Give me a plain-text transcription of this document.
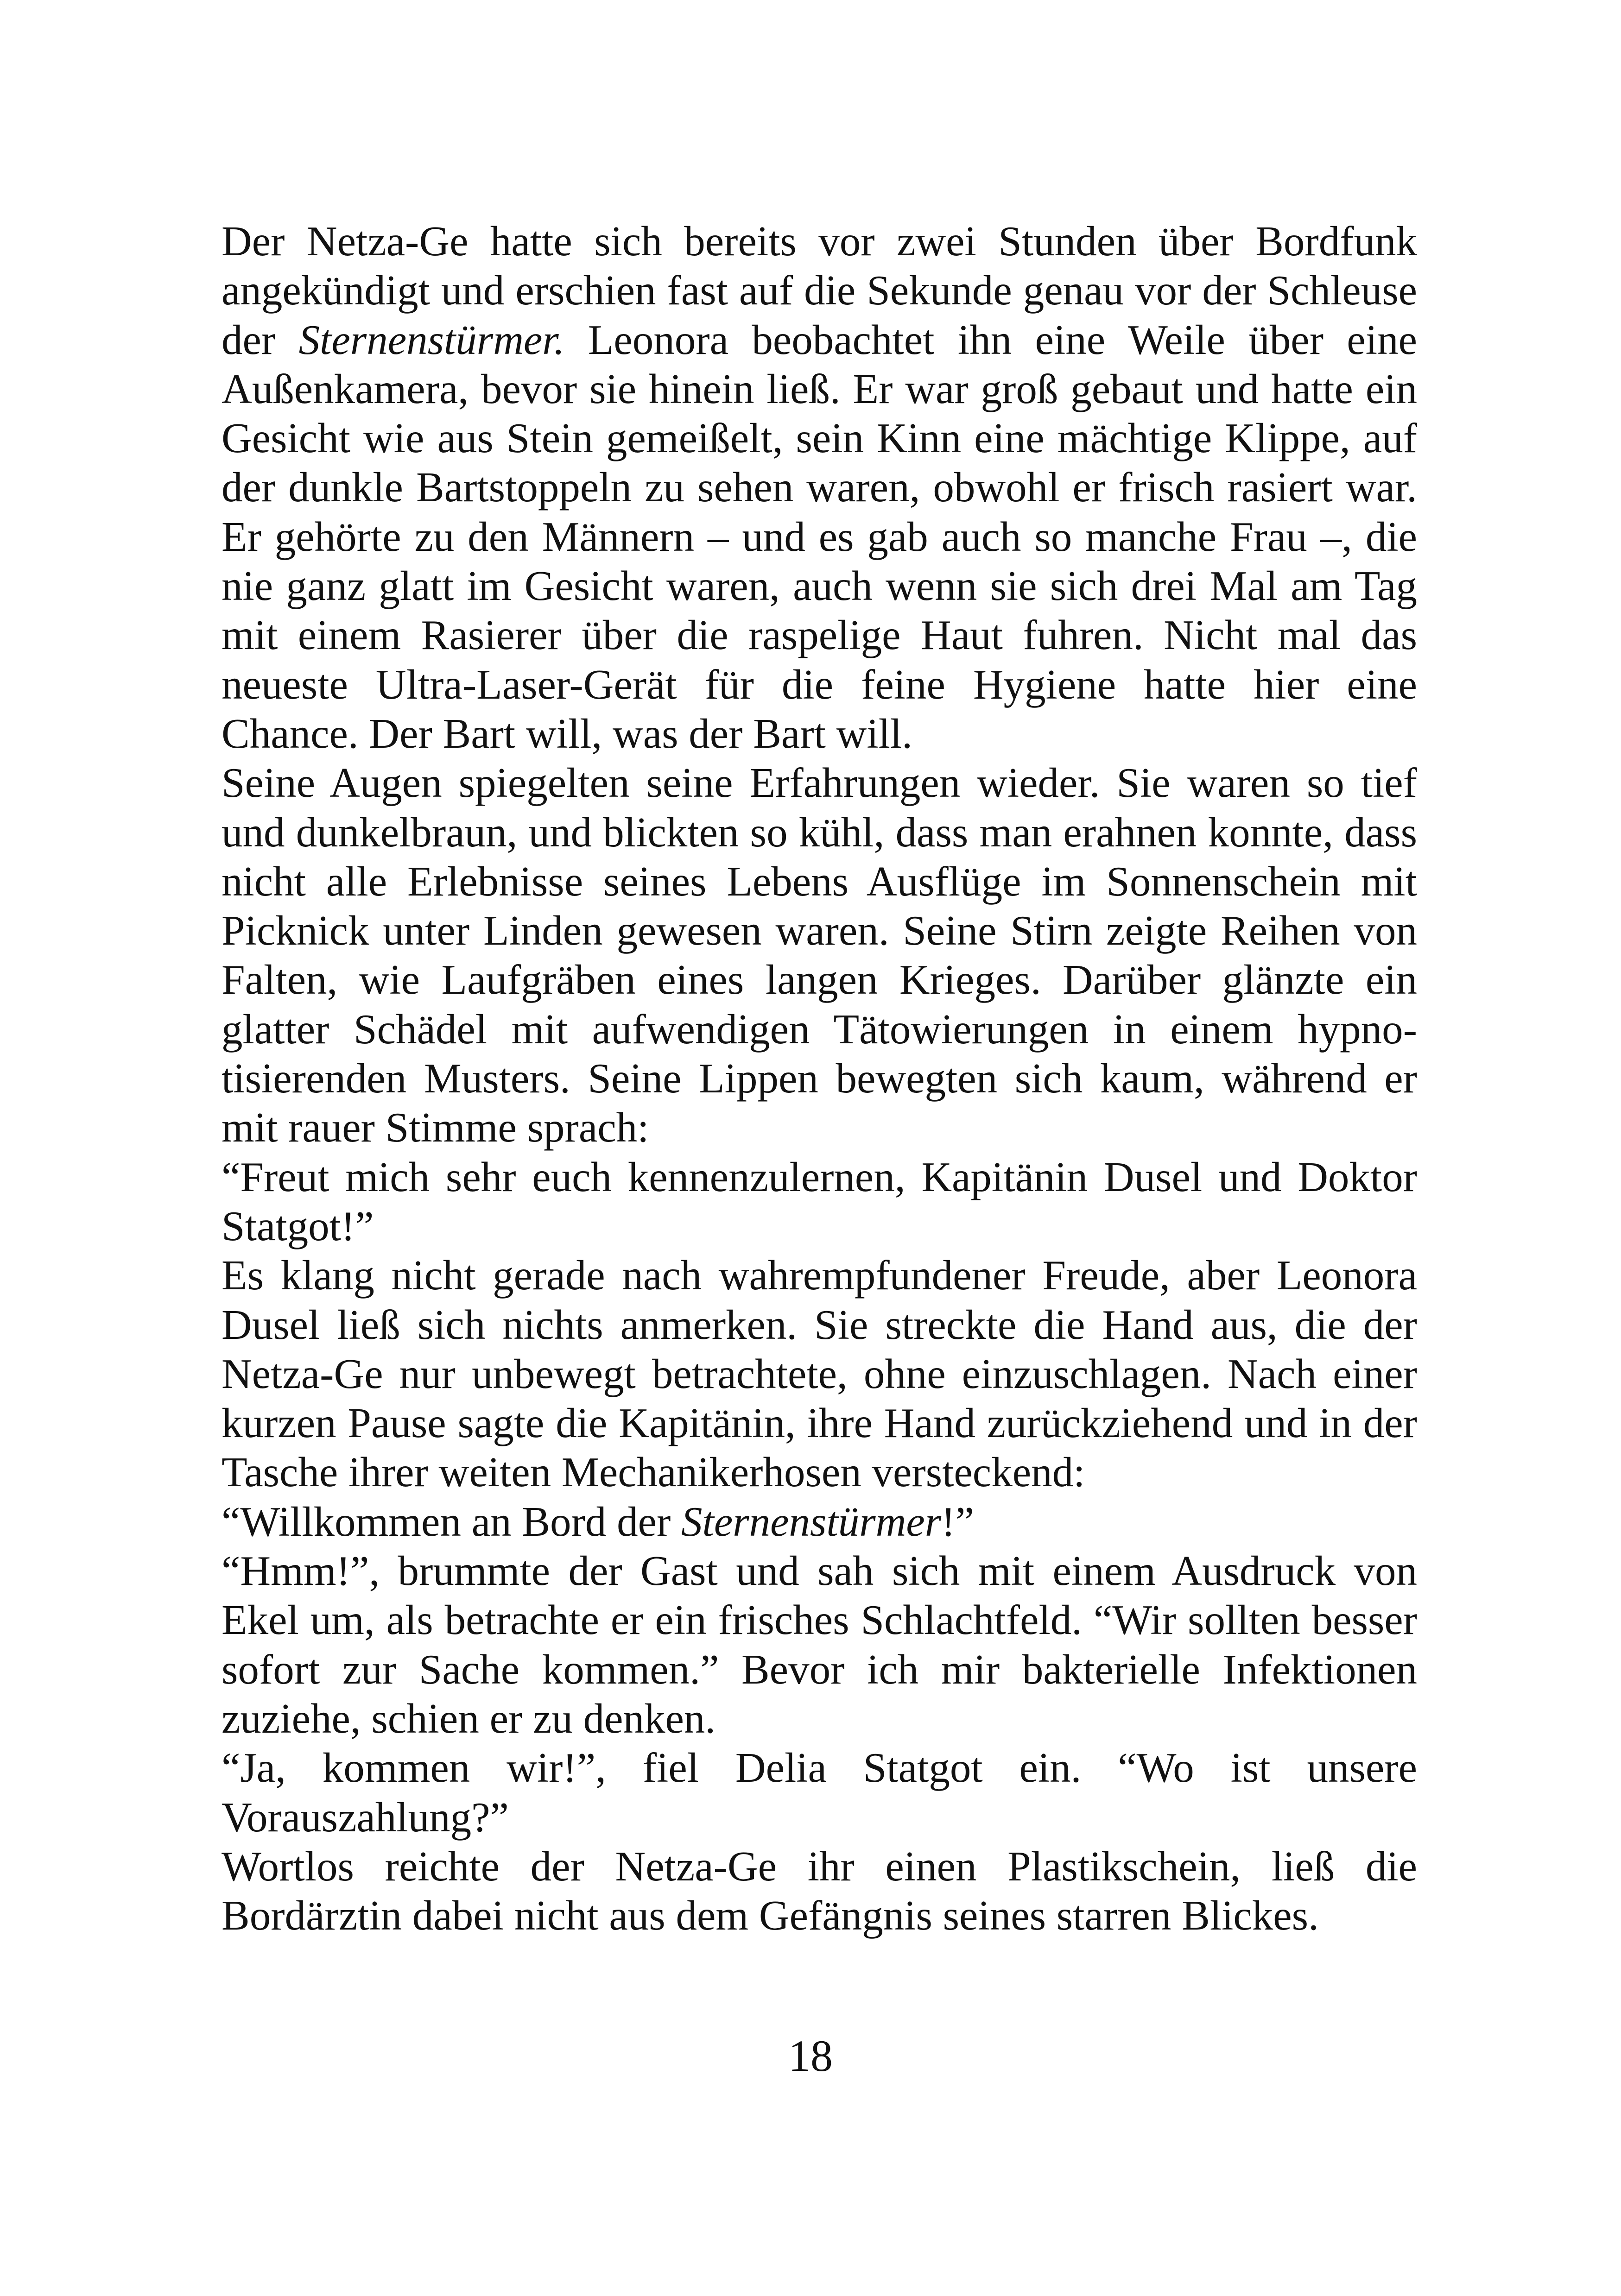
Der Netza-Ge hatte sich bereits vor zwei Stunden über Bordfunk angekündigt und erschien fast auf die Sekunde genau vor der Schleuse der Sternenstürmer. Leonora beobachtet ihn eine Weile über eine Außenkamera, bevor sie hinein ließ. Er war groß gebaut und hatte ein Gesicht wie aus Stein gemeißelt, sein Kinn eine mächtige Klippe, auf der dunkle Bartstoppeln zu sehen waren, obwohl er frisch rasiert war. Er gehörte zu den Männern – und es gab auch so manche Frau –, die nie ganz glatt im Gesicht waren, auch wenn sie sich drei Mal am Tag mit einem Rasierer über die raspelige Haut fuhren. Nicht mal das neueste Ultra-Laser-Gerät für die feine Hygiene hatte hier eine Chance. Der Bart will, was der Bart will.

Seine Augen spiegelten seine Erfahrungen wieder. Sie waren so tief und dunkelbraun, und blickten so kühl, dass man erahnen konnte, dass nicht alle Erlebnisse seines Lebens Ausflüge im Sonnenschein mit Picknick unter Linden gewesen waren. Seine Stirn zeigte Reihen von Falten, wie Laufgräben eines langen Krieges. Darüber glänzte ein glatter Schädel mit aufwendigen Tätowierungen in einem hypnotisierenden Musters. Seine Lippen bewegten sich kaum, während er mit rauer Stimme sprach:

“Freut mich sehr euch kennenzulernen, Kapitänin Dusel und Doktor Statgot!”

Es klang nicht gerade nach wahrempfundener Freude, aber Leonora Dusel ließ sich nichts anmerken. Sie streckte die Hand aus, die der Netza-Ge nur unbewegt betrachtete, ohne einzuschlagen. Nach einer kurzen Pause sagte die Kapitänin, ihre Hand zurückziehend und in der Tasche ihrer weiten Mechanikerhosen versteckend:

“Willkommen an Bord der Sternenstürmer!”

“Hmm!”, brummte der Gast und sah sich mit einem Ausdruck von Ekel um, als betrachte er ein frisches Schlachtfeld. “Wir sollten besser sofort zur Sache kommen.” Bevor ich mir bakterielle Infektionen zuziehe, schien er zu denken.

“Ja, kommen wir!”, fiel Delia Statgot ein. “Wo ist unsere Vorauszahlung?”

Wortlos reichte der Netza-Ge ihr einen Plastikschein, ließ die Bordärztin dabei nicht aus dem Gefängnis seines starren Blickes.

18
